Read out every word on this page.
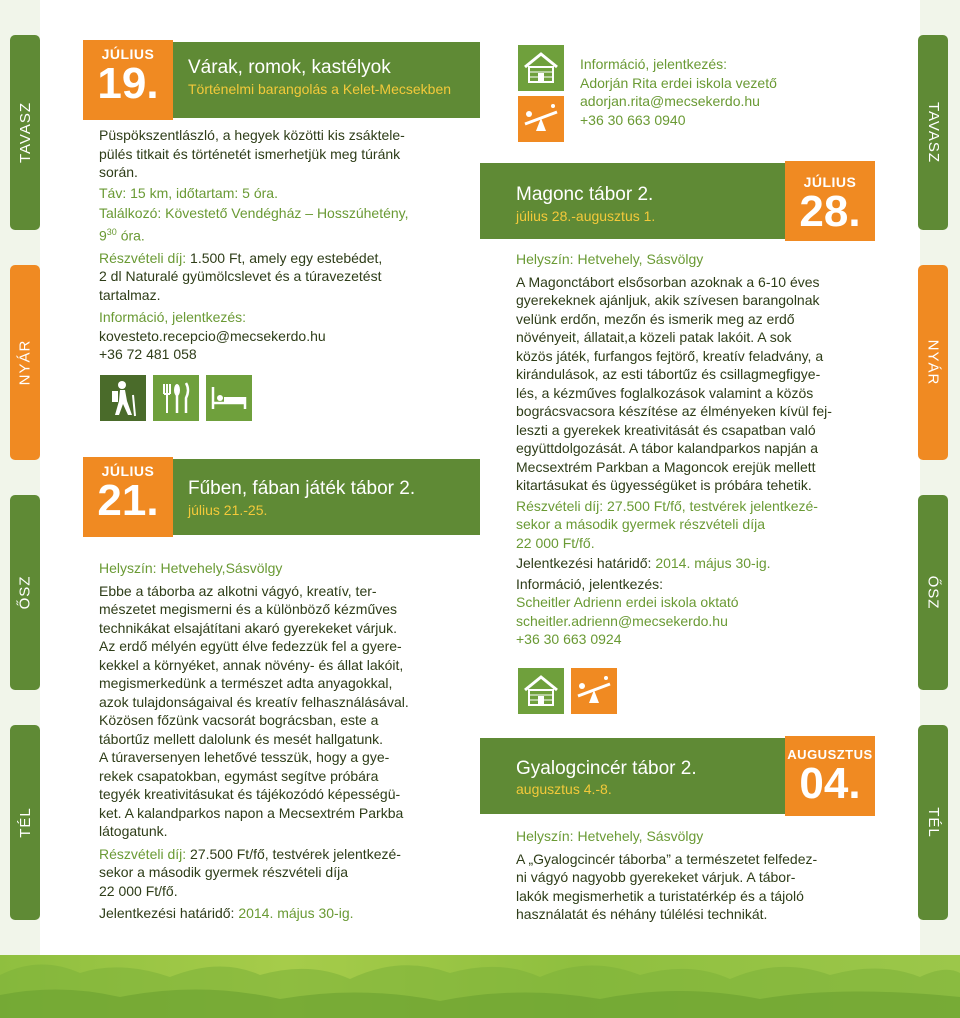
TAVASZ
NYÁR
ŐSZ
TÉL
TAVASZ
NYÁR
ŐSZ
TÉL
JÚLIUS
19.	Várak, romok, kastélyok
Történelmi barangolás a Kelet-Mecsekben

Püspökszentlászló, a hegyek közötti kis zsáktele-

pülés titkait és történetét ismerhetjük meg túránk

során.

Táv: 15 km, időtartam: 5 óra.

Találkozó: Kövestető Vendégház – Hosszúhetény,

$9^{30}$ óra.

Részvételi díj: 1.500 Ft, amely egy estebédet,

2 dl Naturalé gyümölcslevet és a túravezetést

tartalmaz.

Információ, jelentkezés:

kovesteto.recepcio@mecsekerdo.hu

+36 72 481 058

JÚLIUS
21.	Fűben, fában játék tábor 2.
július 21.-25.

Helyszín: Hetvehely,Sásvölgy

Ebbe a táborba az alkotni vágyó, kreatív, ter-

mészetet megismerni és a különböző kézműves

technikákat elsajátítani akaró gyerekeket várjuk.

Az erdő mélyén együtt élve fedezzük fel a gyere-

kekkel a környéket, annak növény- és állat lakóit,

megismerkedünk a természet adta anyagokkal,

azok tulajdonságaival és kreatív felhasználásával.

Közösen főzünk vacsorát bográcsban, este a

tábortűz mellett dalolunk és mesét hallgatunk.

A túraversenyen lehetővé tesszük, hogy a gye-

rekek csapatokban, egymást segítve próbára

tegyék kreativitásukat és tájékozódó képességü-

ket. A kalandparkos napon a Mecsextrém Parkba

látogatunk.

Részvételi díj: 27.500 Ft/fő, testvérek jelentkezé-

sekor a második gyermek részvételi díja

22 000 Ft/fő.

Jelentkezési határidő: 2014. május 30-ig.

Információ, jelentkezés:

Adorján Rita erdei iskola vezető

adorjan.rita@mecsekerdo.hu

+36 30 663 0940

JÚLIUS
28.
Magonc tábor 2.
július 28.-augusztus 1.

Helyszín: Hetvehely, Sásvölgy

A Magonctábort elsősorban azoknak a 6-10 éves

gyerekeknek ajánljuk, akik szívesen barangolnak

velünk erdőn, mezőn és ismerik meg az erdő

növényeit, állatait,a közeli patak lakóit. A sok

közös játék, furfangos fejtörő, kreatív feladvány, a

kirándulások, az esti tábortűz és csillagmegfigye-

lés, a kézműves foglalkozások valamint a közös

bográcsvacsora készítése az élményeken kívül fej-

leszti a gyerekek kreativitását és csapatban való

együttdolgozását. A tábor kalandparkos napján a

Mecsextrém Parkban a Magoncok erejük mellett

kitartásukat és ügyességüket is próbára tehetik.

Részvételi díj: 27.500 Ft/fő, testvérek jelentkezé-

sekor a második gyermek részvételi díja

22 000 Ft/fő.

Jelentkezési határidő: 2014. május 30-ig.

Információ, jelentkezés:

Scheitler Adrienn erdei iskola oktató

scheitler.adrienn@mecsekerdo.hu

+36 30 663 0924

AUGUSZTUS
04.
Gyalogcincér tábor 2.
augusztus 4.-8.

Helyszín: Hetvehely, Sásvölgy

A „Gyalogcincér táborba” a természetet felfedez-

ni vágyó nagyobb gyerekeket várjuk. A tábor-

lakók megismerhetik a turistatérkép és a tájoló

használatát és néhány túlélési technikát.
